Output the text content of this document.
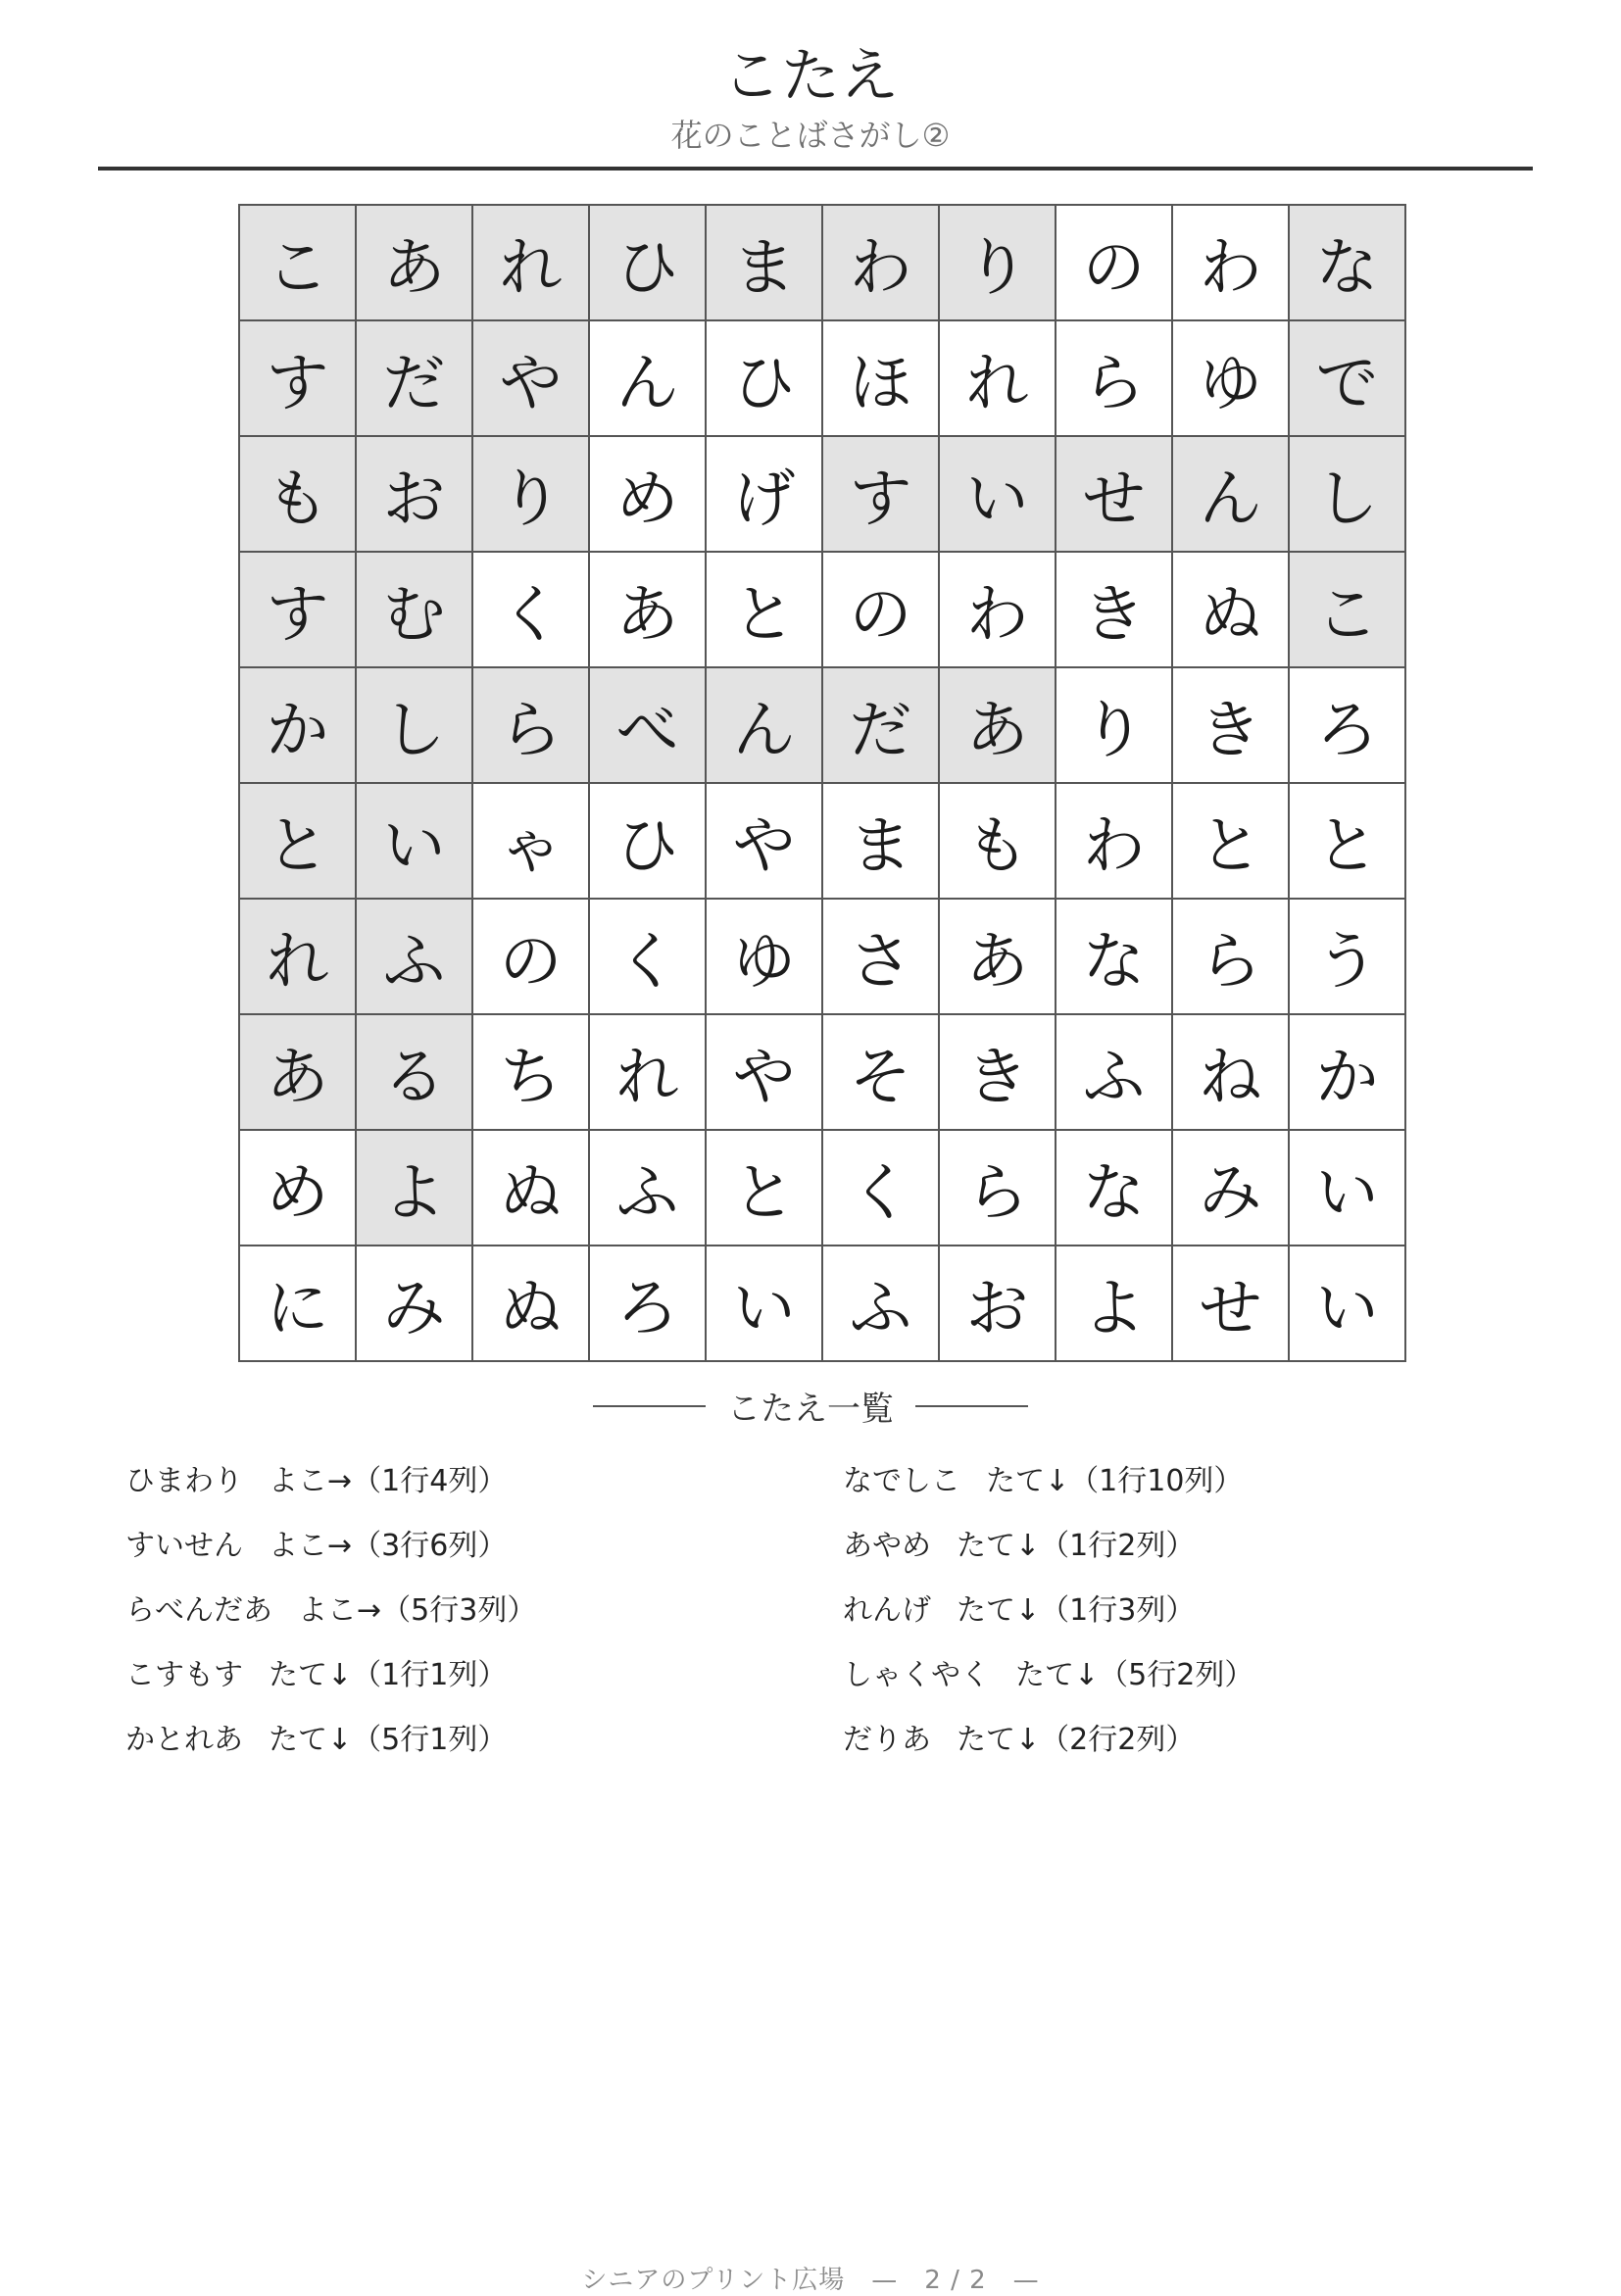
こたえ
花のことばさがし②
こ	あ	れ	ひ	ま	わ	り	の	わ	な
す	だ	や	ん	ひ	ほ	れ	ら	ゆ	で
も	お	り	め	げ	す	い	せ	ん	し
す	む	く	あ	と	の	わ	き	ぬ	こ
か	し	ら	べ	ん	だ	あ	り	き	ろ
と	い	ゃ	ひ	や	ま	も	わ	と	と
れ	ふ	の	く	ゆ	さ	あ	な	ら	う
あ	る	ち	れ	や	そ	き	ふ	ね	か
め	よ	ぬ	ふ	と	く	ら	な	み	い
に	み	ぬ	ろ	い	ふ	お	よ	せ	い
こたえ一覧
ひまわり よこ→（1行4列）
すいせん よこ→（3行6列）
らべんだあ よこ→（5行3列）
こすもす たて↓（1行1列）
かとれあ たて↓（5行1列）
なでしこ たて↓（1行10列）
あやめ たて↓（1行2列）
れんげ たて↓（1行3列）
しゃくやく たて↓（5行2列）
だりあ たて↓（2行2列）
シニアのプリント広場　 —　2 / 2　—
